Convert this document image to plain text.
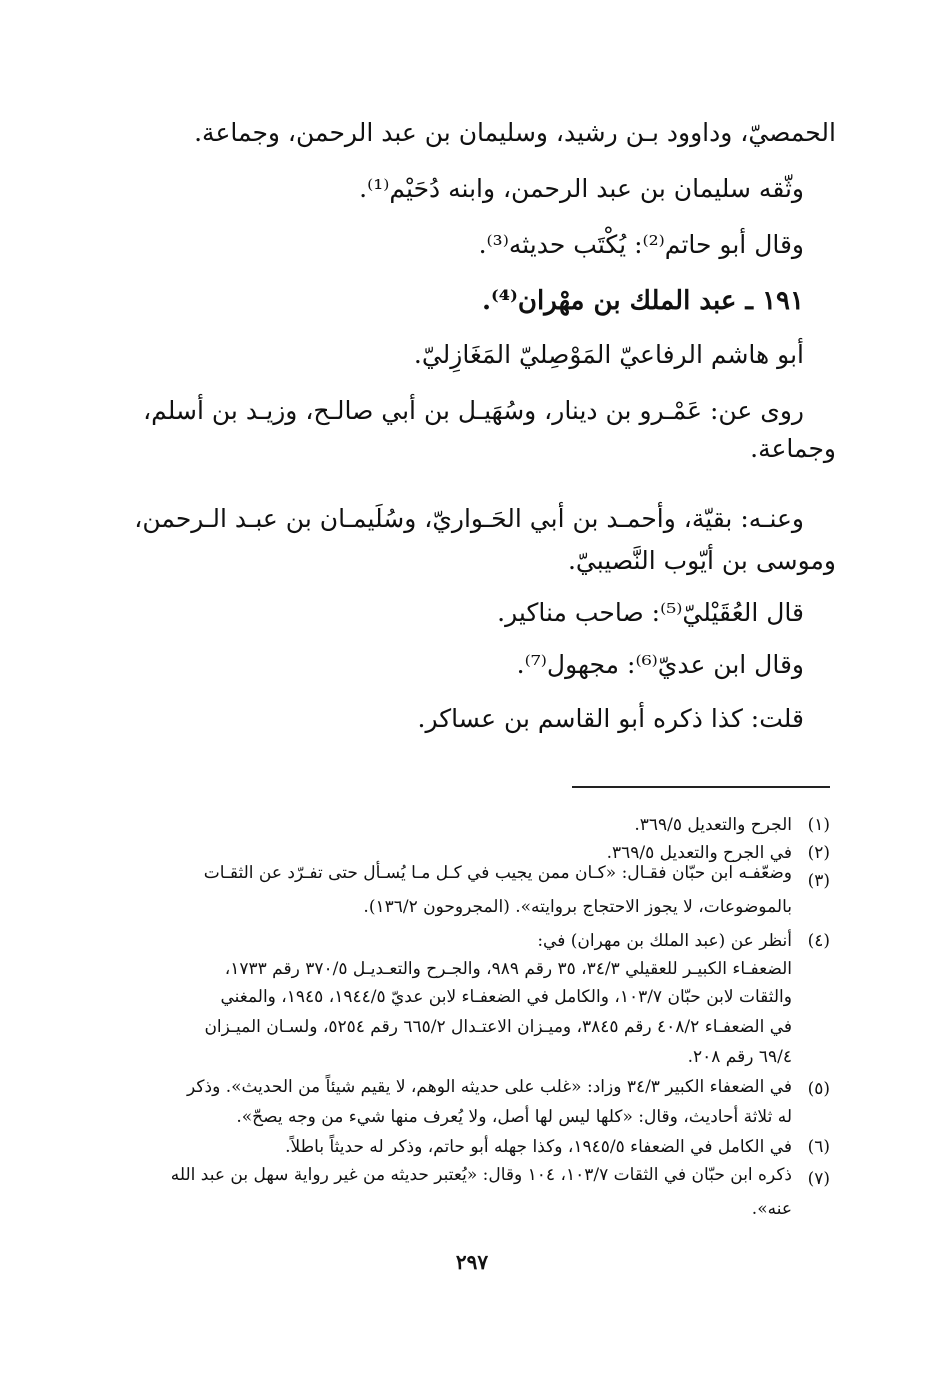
الحمصيّ، وداوود بـن رشيد، وسليمان بن عبد الرحمن، وجماعة.
وثّقه سليمان بن عبد الرحمن، وابنه دُحَيْم⁽¹⁾.
وقال أبو حاتم⁽²⁾: يُكْتَب حديثه⁽³⁾.
١٩١ ـ عبد الملك بن مهْران⁽⁴⁾.
أبو هاشم الرفاعيّ المَوْصِليّ المَغَازِليّ.
روى عن: عَمْـرو بن دينار، وسُهَيـل بن أبي صالـح، وزيـد بن أسلم،
وجماعة.
وعنـه: بقيّة، وأحمـد بن أبي الحَـواريّ، وسُلَيمـان بن عبـد الـرحمن،
وموسى بن أيّوب النَّصيبيّ.
قال العُقَيْليّ⁽⁵⁾: صاحب مناكير.
وقال ابن عديّ⁽⁶⁾: مجهول⁽⁷⁾.
قلت: كذا ذكره أبو القاسم بن عساكر.
(١)
الجرح والتعديل ٣٦٩/٥.
(٢)
في الجرح والتعديل ٣٦٩/٥.
(٣)
وضعّفـه ابن حبّان فقـال: «كـان ممن يجيب في كـل مـا يُسـأل حتى تفـرّد عن الثقـات
بالموضوعات، لا يجوز الاحتجاج بروايته». (المجروحون ١٣٦/٢).
(٤)
أنظر عن (عبد الملك بن مهران) في:
الضعفـاء الكبيـر للعقيلي ٣٤/٣، ٣٥ رقم ٩٨٩، والجـرح والتعـديـل ٣٧٠/٥ رقم ١٧٣٣،
والثقات لابن حبّان ١٠٣/٧، والكامل في الضعفـاء لابن عديّ ١٩٤٤/٥، ١٩٤٥، والمغني
في الضعفـاء ٤٠٨/٢ رقم ٣٨٤٥، وميـزان الاعتـدال ٦٦٥/٢ رقم ٥٢٥٤، ولسـان الميـزان
٦٩/٤ رقم ٢٠٨.
(٥)
في الضعفاء الكبير ٣٤/٣ وزاد: «غلب على حديثه الوهم، لا يقيم شيئاً من الحديث». وذكر
له ثلاثة أحاديث، وقال: «كلها ليس لها أصل، ولا يُعرف منها شيء من وجه يصحّ».
(٦)
في الكامل في الضعفاء ١٩٤٥/٥، وكذا جهله أبو حاتم، وذكر له حديثاً باطلاً.
(٧)
ذكره ابن حبّان في الثقات ١٠٣/٧، ١٠٤ وقال: «يُعتبر حديثه من غير رواية سهل بن عبد الله
عنه».
٢٩٧
